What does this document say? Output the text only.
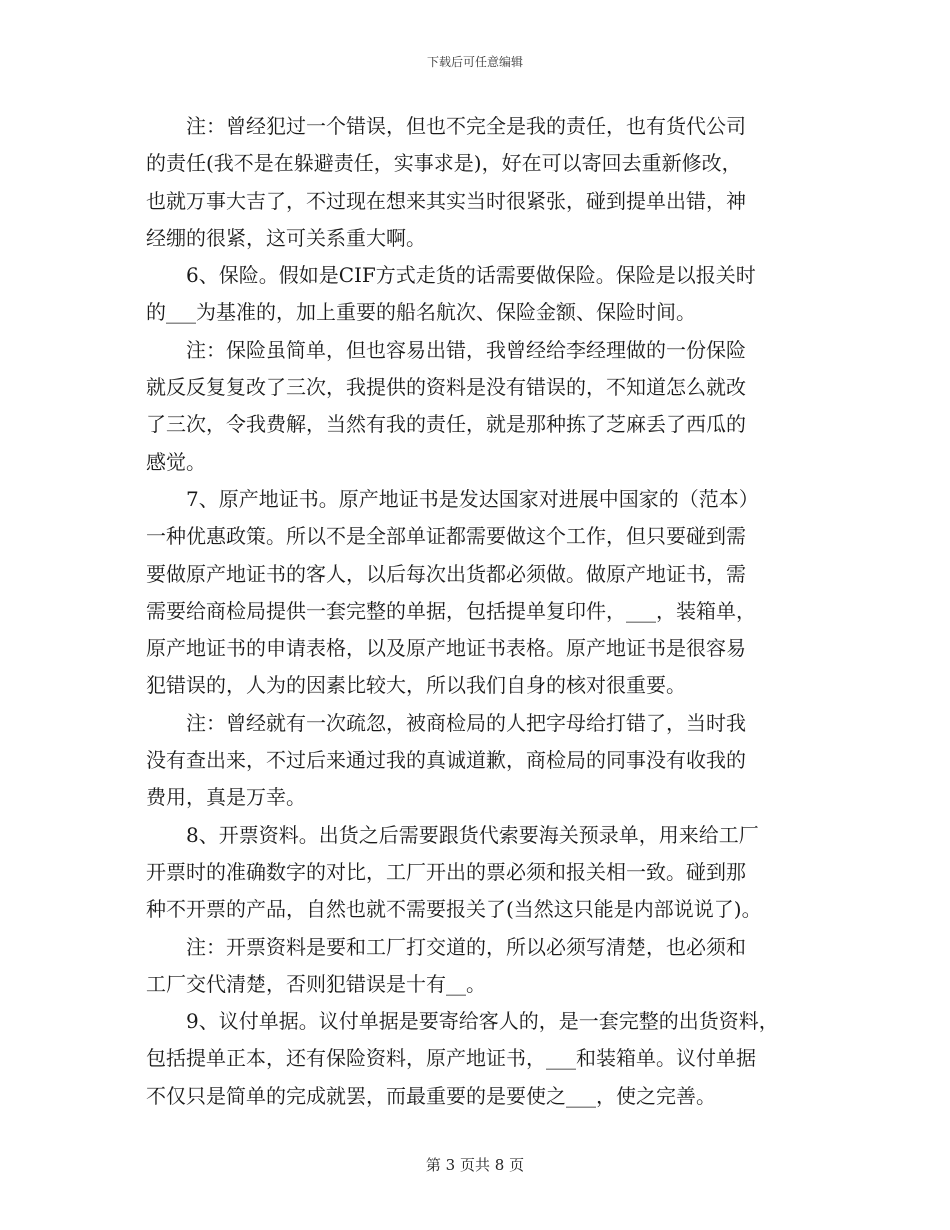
下载后可任意编辑

注：曾经犯过一个错误，但也不完全是我的责任，也有货代公司
的责任(我不是在躲避责任，实事求是)，好在可以寄回去重新修改，
也就万事大吉了，不过现在想来其实当时很紧张，碰到提单出错，神
经绷的很紧，这可关系重大啊。

6、保险。假如是CIF方式走货的话需要做保险。保险是以报关时
的___为基准的，加上重要的船名航次、保险金额、保险时间。

注：保险虽简单，但也容易出错，我曾经给李经理做的一份保险
就反反复复改了三次，我提供的资料是没有错误的，不知道怎么就改
了三次，令我费解，当然有我的责任，就是那种拣了芝麻丢了西瓜的
感觉。

7、原产地证书。原产地证书是发达国家对进展中国家的（范本）
一种优惠政策。所以不是全部单证都需要做这个工作，但只要碰到需
要做原产地证书的客人，以后每次出货都必须做。做原产地证书，需
需要给商检局提供一套完整的单据，包括提单复印件，___，装箱单，
原产地证书的申请表格，以及原产地证书表格。原产地证书是很容易
犯错误的，人为的因素比较大，所以我们自身的核对很重要。

注：曾经就有一次疏忽，被商检局的人把字母给打错了，当时我
没有查出来，不过后来通过我的真诚道歉，商检局的同事没有收我的
费用，真是万幸。

8、开票资料。出货之后需要跟货代索要海关预录单，用来给工厂
开票时的准确数字的对比，工厂开出的票必须和报关相一致。碰到那
种不开票的产品，自然也就不需要报关了(当然这只能是内部说说了)。

注：开票资料是要和工厂打交道的，所以必须写清楚，也必须和
工厂交代清楚，否则犯错误是十有__。

9、议付单据。议付单据是要寄给客人的，是一套完整的出货资料，
包括提单正本，还有保险资料，原产地证书，___和装箱单。议付单据
不仅只是简单的完成就罢，而最重要的是要使之___，使之完善。

第 3 页共 8 页
